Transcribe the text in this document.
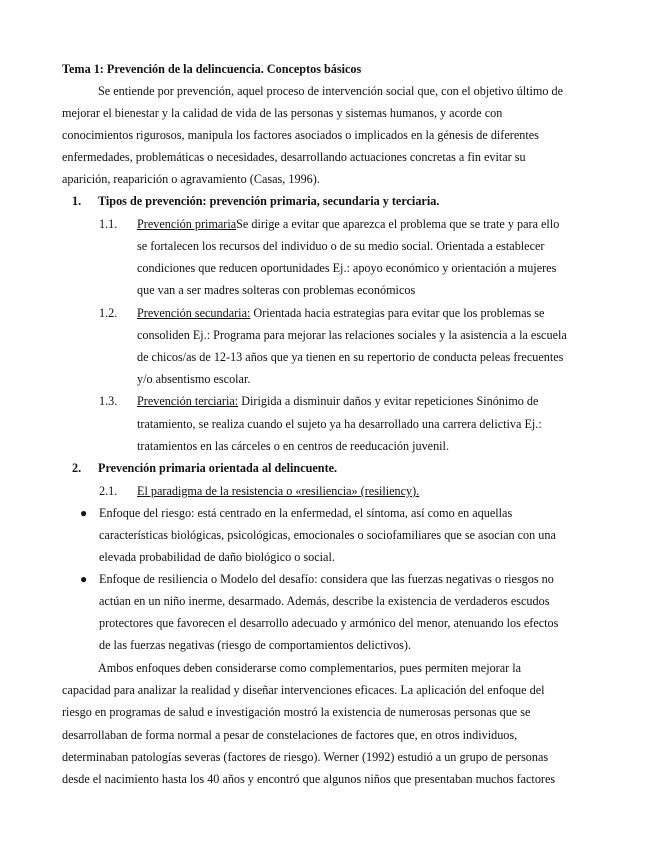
Tema 1: Prevención de la delincuencia. Conceptos básicos
Se entiende por prevención, aquel proceso de intervención social que, con el objetivo último de
mejorar el bienestar y la calidad de vida de las personas y sistemas humanos, y acorde con
conocimientos rigurosos, manipula los factores asociados o implicados en la génesis de diferentes
enfermedades, problemáticas o necesidades, desarrollando actuaciones concretas a fin evitar su
aparición, reaparición o agravamiento (Casas, 1996).
1. Tipos de prevención: prevención primaria, secundaria y terciaria.
1.1. Prevención primariaSe dirige a evitar que aparezca el problema que se trate y para ello
se fortalecen los recursos del individuo o de su medio social. Orientada a establecer
condiciones que reducen oportunidades Ej.: apoyo económico y orientación a mujeres
que van a ser madres solteras con problemas económicos
1.2. Prevención secundaria: Orientada hacia estrategias para evitar que los problemas se
consoliden Ej.: Programa para mejorar las relaciones sociales y la asistencia a la escuela
de chicos/as de 12-13 años que ya tienen en su repertorio de conducta peleas frecuentes
y/o absentismo escolar.
1.3. Prevención terciaria: Dirigida a disminuir daños y evitar repeticiones Sinónimo de
tratamiento, se realiza cuando el sujeto ya ha desarrollado una carrera delictiva Ej.:
tratamientos en las cárceles o en centros de reeducación juvenil.
2. Prevención primaria orientada al delincuente.
2.1. El paradigma de la resistencia o «resiliencia» (resiliency).
● Enfoque del riesgo: está centrado en la enfermedad, el síntoma, así como en aquellas
características biológicas, psicológicas, emocionales o sociofamiliares que se asocian con una
elevada probabilidad de daño biológico o social.
● Enfoque de resiliencia o Modelo del desafío: considera que las fuerzas negativas o riesgos no
actúan en un niño inerme, desarmado. Además, describe la existencia de verdaderos escudos
protectores que favorecen el desarrollo adecuado y armónico del menor, atenuando los efectos
de las fuerzas negativas (riesgo de comportamientos delictivos).
Ambos enfoques deben considerarse como complementarios, pues permiten mejorar la
capacidad para analizar la realidad y diseñar intervenciones eficaces. La aplicación del enfoque del
riesgo en programas de salud e investigación mostró la existencia de numerosas personas que se
desarrollaban de forma normal a pesar de constelaciones de factores que, en otros individuos,
determinaban patologías severas (factores de riesgo). Werner (1992) estudió a un grupo de personas
desde el nacimiento hasta los 40 años y encontró que algunos niños que presentaban muchos factores
